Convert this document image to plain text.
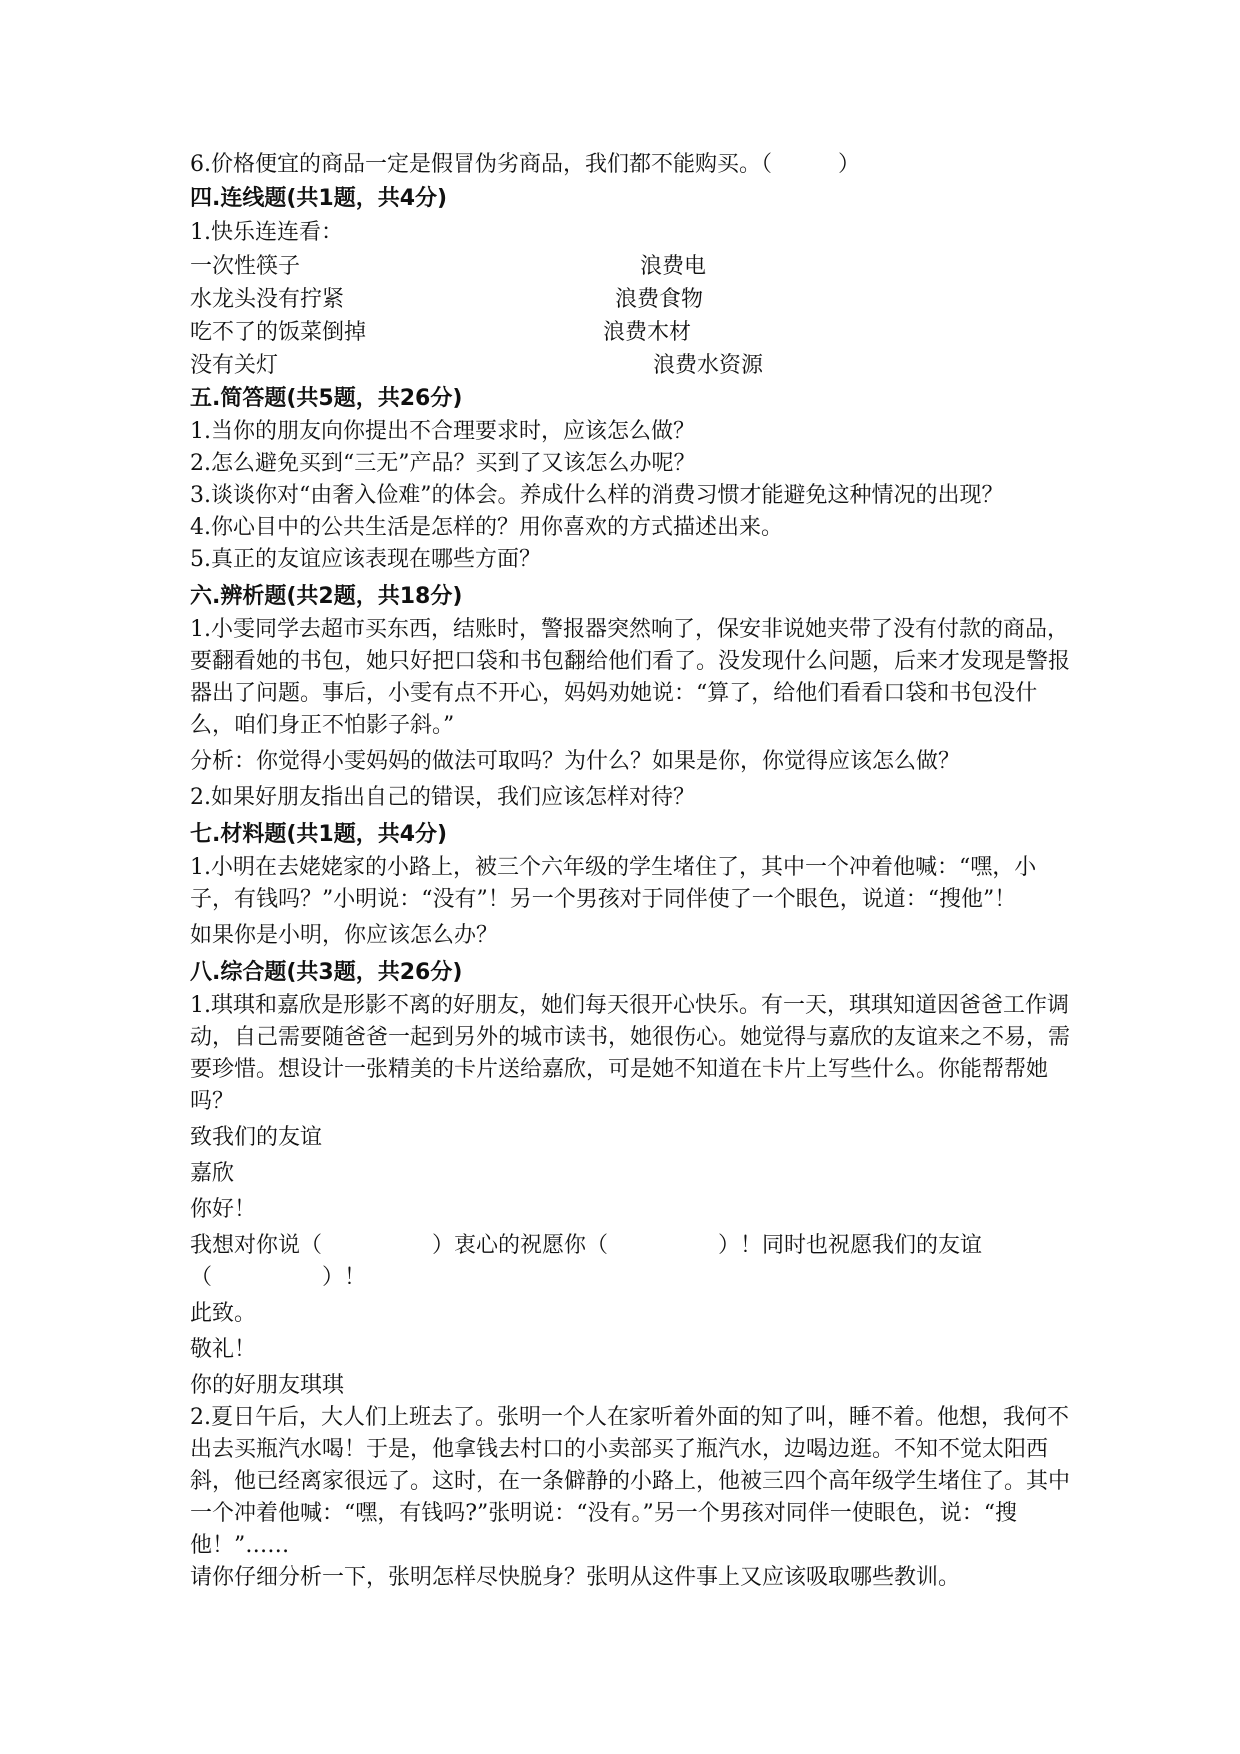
6.价格便宜的商品一定是假冒伪劣商品，我们都不能购买。（　　　）
四.连线题(共1题，共4分)
1.快乐连连看：
一次性筷子	浪费电
水龙头没有拧紧	浪费食物
吃不了的饭菜倒掉	浪费木材
没有关灯	浪费水资源
五.简答题(共5题，共26分)
1.当你的朋友向你提出不合理要求时，应该怎么做？
2.怎么避免买到“三无”产品？买到了又该怎么办呢？
3.谈谈你对“由奢入俭难”的体会。养成什么样的消费习惯才能避免这种情况的出现？
4.你心目中的公共生活是怎样的？用你喜欢的方式描述出来。
5.真正的友谊应该表现在哪些方面？
六.辨析题(共2题，共18分)
1.小雯同学去超市买东西，结账时，警报器突然响了，保安非说她夹带了没有付款的商品，要翻看她的书包，她只好把口袋和书包翻给他们看了。没发现什么问题，后来才发现是警报器出了问题。事后，小雯有点不开心，妈妈劝她说：“算了，给他们看看口袋和书包没什么，咱们身正不怕影子斜。”
分析：你觉得小雯妈妈的做法可取吗？为什么？如果是你，你觉得应该怎么做？
2.如果好朋友指出自己的错误，我们应该怎样对待？
七.材料题(共1题，共4分)
1.小明在去姥姥家的小路上，被三个六年级的学生堵住了，其中一个冲着他喊：“嘿，小子，有钱吗？”小明说：“没有”！另一个男孩对于同伴使了一个眼色，说道：“搜他”！
如果你是小明，你应该怎么办？
八.综合题(共3题，共26分)
1.琪琪和嘉欣是形影不离的好朋友，她们每天很开心快乐。有一天，琪琪知道因爸爸工作调动，自己需要随爸爸一起到另外的城市读书，她很伤心。她觉得与嘉欣的友谊来之不易，需要珍惜。想设计一张精美的卡片送给嘉欣，可是她不知道在卡片上写些什么。你能帮帮她吗？
致我们的友谊
嘉欣
你好！
我想对你说（　　　　　）衷心的祝愿你（　　　　　）！同时也祝愿我们的友谊（　　　　　）！
此致。
敬礼！
你的好朋友琪琪
2.夏日午后，大人们上班去了。张明一个人在家听着外面的知了叫，睡不着。他想，我何不出去买瓶汽水喝！于是，他拿钱去村口的小卖部买了瓶汽水，边喝边逛。不知不觉太阳西斜，他已经离家很远了。这时，在一条僻静的小路上，他被三四个高年级学生堵住了。其中一个冲着他喊：“嘿，有钱吗?”张明说：“没有。”另一个男孩对同伴一使眼色，说：“搜他！”……
请你仔细分析一下，张明怎样尽快脱身？张明从这件事上又应该吸取哪些教训。
